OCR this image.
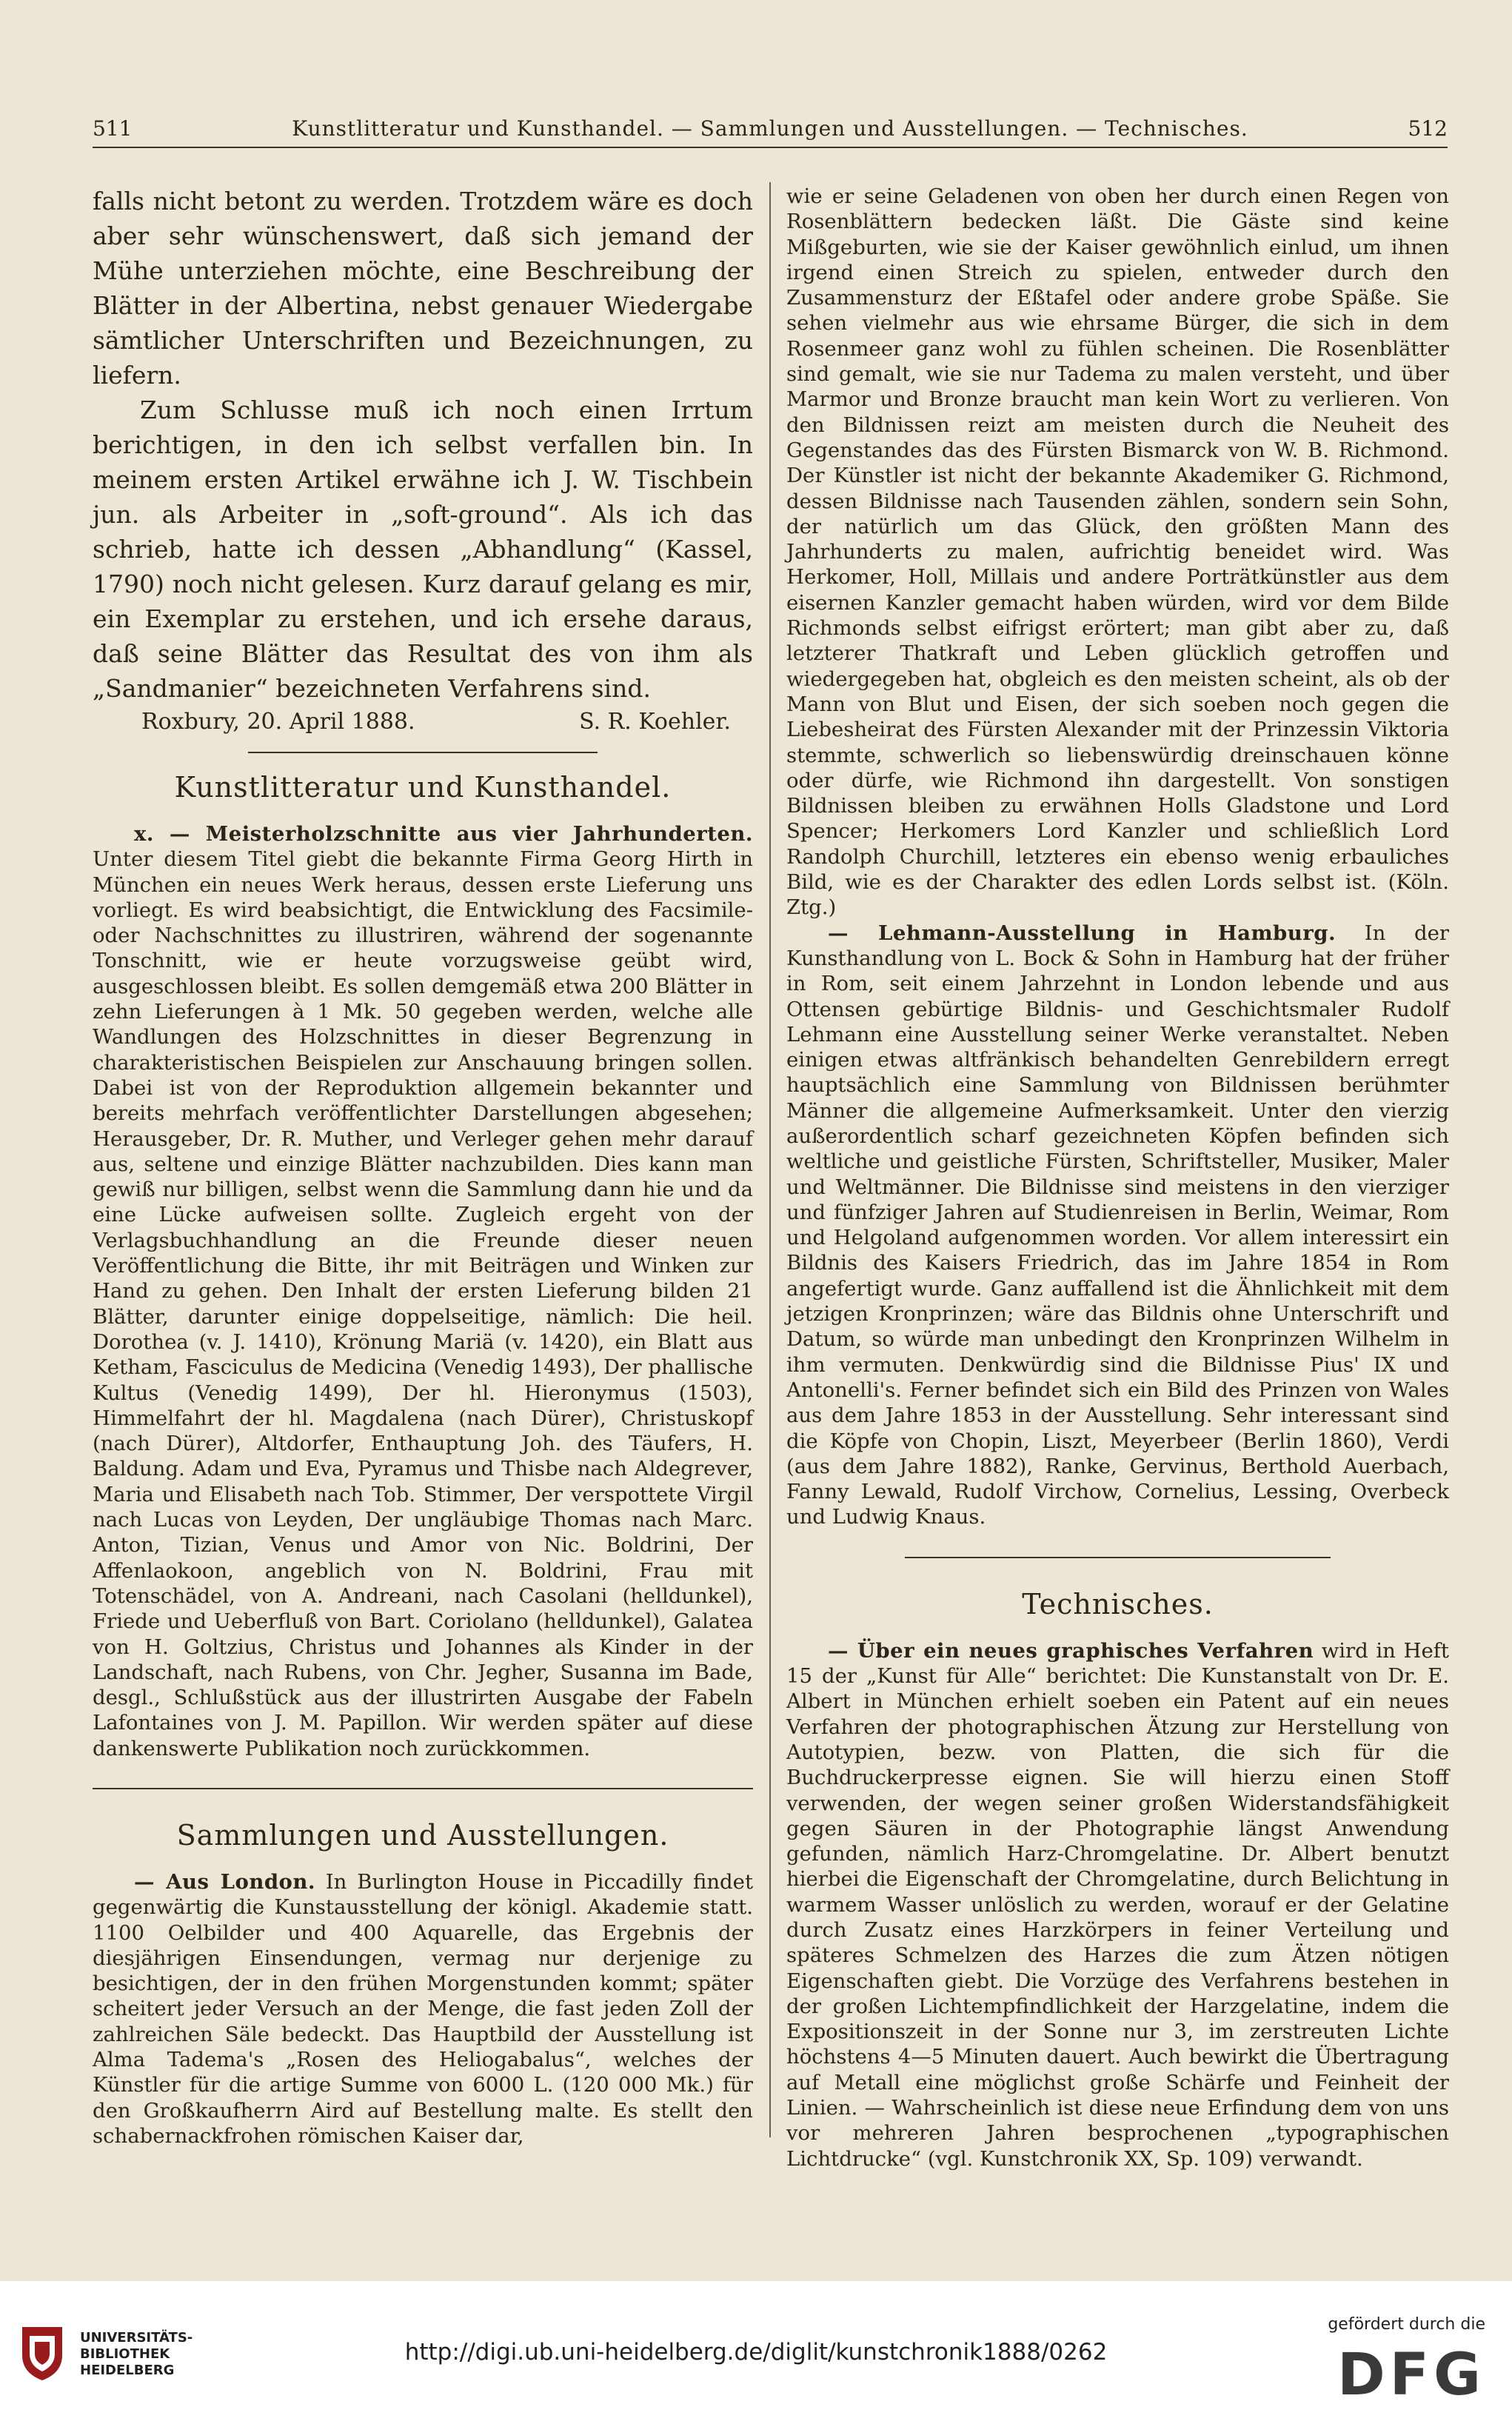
511	Kunstlitteratur und Kunsthandel. — Sammlungen und Ausstellungen. — Technisches.	512

falls nicht betont zu werden. Trotzdem wäre es doch aber sehr wünschenswert, daß sich jemand der Mühe unterziehen möchte, eine Beschreibung der Blätter in der Albertina, nebst genauer Wiedergabe sämtlicher Unterschriften und Bezeichnungen, zu liefern.

Zum Schlusse muß ich noch einen Irrtum berichtigen, in den ich selbst verfallen bin. In meinem ersten Artikel erwähne ich J. W. Tischbein jun. als Arbeiter in „soft-ground“. Als ich das schrieb, hatte ich dessen „Abhandlung“ (Kassel, 1790) noch nicht gelesen. Kurz darauf gelang es mir, ein Exemplar zu erstehen, und ich ersehe daraus, daß seine Blätter das Resultat des von ihm als „Sandmanier“ bezeichneten Verfahrens sind.

Roxbury, 20. April 1888.	S. R. Koehler.
Kunstlitteratur und Kunsthandel.

x. — Meisterholzschnitte aus vier Jahrhunderten. Unter diesem Titel giebt die bekannte Firma Georg Hirth in München ein neues Werk heraus, dessen erste Lieferung uns vorliegt. Es wird beabsichtigt, die Entwicklung des Facsimile- oder Nachschnittes zu illustriren, während der sogenannte Tonschnitt, wie er heute vorzugsweise geübt wird, ausgeschlossen bleibt. Es sollen demgemäß etwa 200 Blätter in zehn Lieferungen à 1 Mk. 50 gegeben werden, welche alle Wandlungen des Holzschnittes in dieser Begrenzung in charakteristischen Beispielen zur Anschauung bringen sollen. Dabei ist von der Reproduktion allgemein bekannter und bereits mehrfach veröffentlichter Darstellungen abgesehen; Herausgeber, Dr. R. Muther, und Verleger gehen mehr darauf aus, seltene und einzige Blätter nachzubilden. Dies kann man gewiß nur billigen, selbst wenn die Sammlung dann hie und da eine Lücke aufweisen sollte. Zugleich ergeht von der Verlagsbuchhandlung an die Freunde dieser neuen Veröffentlichung die Bitte, ihr mit Beiträgen und Winken zur Hand zu gehen. Den Inhalt der ersten Lieferung bilden 21 Blätter, darunter einige doppelseitige, nämlich: Die heil. Dorothea (v. J. 1410), Krönung Mariä (v. 1420), ein Blatt aus Ketham, Fasciculus de Medicina (Venedig 1493), Der phallische Kultus (Venedig 1499), Der hl. Hieronymus (1503), Himmelfahrt der hl. Magdalena (nach Dürer), Christuskopf (nach Dürer), Altdorfer, Enthauptung Joh. des Täufers, H. Baldung. Adam und Eva, Pyramus und Thisbe nach Aldegrever, Maria und Elisabeth nach Tob. Stimmer, Der verspottete Virgil nach Lucas von Leyden, Der ungläubige Thomas nach Marc. Anton, Tizian, Venus und Amor von Nic. Boldrini, Der Affenlaokoon, angeblich von N. Boldrini, Frau mit Totenschädel, von A. Andreani, nach Casolani (helldunkel), Friede und Ueberfluß von Bart. Coriolano (helldunkel), Galatea von H. Goltzius, Christus und Johannes als Kinder in der Landschaft, nach Rubens, von Chr. Jegher, Susanna im Bade, desgl., Schlußstück aus der illustrirten Ausgabe der Fabeln Lafontaines von J. M. Papillon. Wir werden später auf diese dankenswerte Publikation noch zurückkommen.

Sammlungen und Ausstellungen.

— Aus London. In Burlington House in Piccadilly findet gegenwärtig die Kunstausstellung der königl. Akademie statt. 1100 Oelbilder und 400 Aquarelle, das Ergebnis der diesjährigen Einsendungen, vermag nur derjenige zu besichtigen, der in den frühen Morgenstunden kommt; später scheitert jeder Versuch an der Menge, die fast jeden Zoll der zahlreichen Säle bedeckt. Das Hauptbild der Ausstellung ist Alma Tadema's „Rosen des Heliogabalus“, welches der Künstler für die artige Summe von 6000 L. (120 000 Mk.) für den Großkaufherrn Aird auf Bestellung malte. Es stellt den schabernackfrohen römischen Kaiser dar,

wie er seine Geladenen von oben her durch einen Regen von Rosenblättern bedecken läßt. Die Gäste sind keine Mißgeburten, wie sie der Kaiser gewöhnlich einlud, um ihnen irgend einen Streich zu spielen, entweder durch den Zusammensturz der Eßtafel oder andere grobe Späße. Sie sehen vielmehr aus wie ehrsame Bürger, die sich in dem Rosenmeer ganz wohl zu fühlen scheinen. Die Rosenblätter sind gemalt, wie sie nur Tadema zu malen versteht, und über Marmor und Bronze braucht man kein Wort zu verlieren. Von den Bildnissen reizt am meisten durch die Neuheit des Gegenstandes das des Fürsten Bismarck von W. B. Richmond. Der Künstler ist nicht der bekannte Akademiker G. Richmond, dessen Bildnisse nach Tausenden zählen, sondern sein Sohn, der natürlich um das Glück, den größten Mann des Jahrhunderts zu malen, aufrichtig beneidet wird. Was Herkomer, Holl, Millais und andere Porträtkünstler aus dem eisernen Kanzler gemacht haben würden, wird vor dem Bilde Richmonds selbst eifrigst erörtert; man gibt aber zu, daß letzterer Thatkraft und Leben glücklich getroffen und wiedergegeben hat, obgleich es den meisten scheint, als ob der Mann von Blut und Eisen, der sich soeben noch gegen die Liebesheirat des Fürsten Alexander mit der Prinzessin Viktoria stemmte, schwerlich so liebenswürdig dreinschauen könne oder dürfe, wie Richmond ihn dargestellt. Von sonstigen Bildnissen bleiben zu erwähnen Holls Gladstone und Lord Spencer; Herkomers Lord Kanzler und schließlich Lord Randolph Churchill, letzteres ein ebenso wenig erbauliches Bild, wie es der Charakter des edlen Lords selbst ist. (Köln. Ztg.)

— Lehmann-Ausstellung in Hamburg. In der Kunsthandlung von L. Bock & Sohn in Hamburg hat der früher in Rom, seit einem Jahrzehnt in London lebende und aus Ottensen gebürtige Bildnis- und Geschichtsmaler Rudolf Lehmann eine Ausstellung seiner Werke veranstaltet. Neben einigen etwas altfränkisch behandelten Genrebildern erregt hauptsächlich eine Sammlung von Bildnissen berühmter Männer die allgemeine Aufmerksamkeit. Unter den vierzig außerordentlich scharf gezeichneten Köpfen befinden sich weltliche und geistliche Fürsten, Schriftsteller, Musiker, Maler und Weltmänner. Die Bildnisse sind meistens in den vierziger und fünfziger Jahren auf Studienreisen in Berlin, Weimar, Rom und Helgoland aufgenommen worden. Vor allem interessirt ein Bildnis des Kaisers Friedrich, das im Jahre 1854 in Rom angefertigt wurde. Ganz auffallend ist die Ähnlichkeit mit dem jetzigen Kronprinzen; wäre das Bildnis ohne Unterschrift und Datum, so würde man unbedingt den Kronprinzen Wilhelm in ihm vermuten. Denkwürdig sind die Bildnisse Pius' IX und Antonelli's. Ferner befindet sich ein Bild des Prinzen von Wales aus dem Jahre 1853 in der Ausstellung. Sehr interessant sind die Köpfe von Chopin, Liszt, Meyerbeer (Berlin 1860), Verdi (aus dem Jahre 1882), Ranke, Gervinus, Berthold Auerbach, Fanny Lewald, Rudolf Virchow, Cornelius, Lessing, Overbeck und Ludwig Knaus.

Technisches.

— Über ein neues graphisches Verfahren wird in Heft 15 der „Kunst für Alle“ berichtet: Die Kunstanstalt von Dr. E. Albert in München erhielt soeben ein Patent auf ein neues Verfahren der photographischen Ätzung zur Herstellung von Autotypien, bezw. von Platten, die sich für die Buchdruckerpresse eignen. Sie will hierzu einen Stoff verwenden, der wegen seiner großen Widerstandsfähigkeit gegen Säuren in der Photographie längst Anwendung gefunden, nämlich Harz-Chromgelatine. Dr. Albert benutzt hierbei die Eigenschaft der Chromgelatine, durch Belichtung in warmem Wasser unlöslich zu werden, worauf er der Gelatine durch Zusatz eines Harzkörpers in feiner Verteilung und späteres Schmelzen des Harzes die zum Ätzen nötigen Eigenschaften giebt. Die Vorzüge des Verfahrens bestehen in der großen Lichtempfindlichkeit der Harzgelatine, indem die Expositionszeit in der Sonne nur 3, im zerstreuten Lichte höchstens 4—5 Minuten dauert. Auch bewirkt die Übertragung auf Metall eine möglichst große Schärfe und Feinheit der Linien. — Wahrscheinlich ist diese neue Erfindung dem von uns vor mehreren Jahren besprochenen „typographischen Lichtdrucke“ (vgl. Kunstchronik XX, Sp. 109) verwandt.

UNIVERSITÄTS-
BIBLIOTHEK
HEIDELBERG
http://digi.ub.uni-heidelberg.de/diglit/kunstchronik1888/0262
gefördert durch die
DFG
